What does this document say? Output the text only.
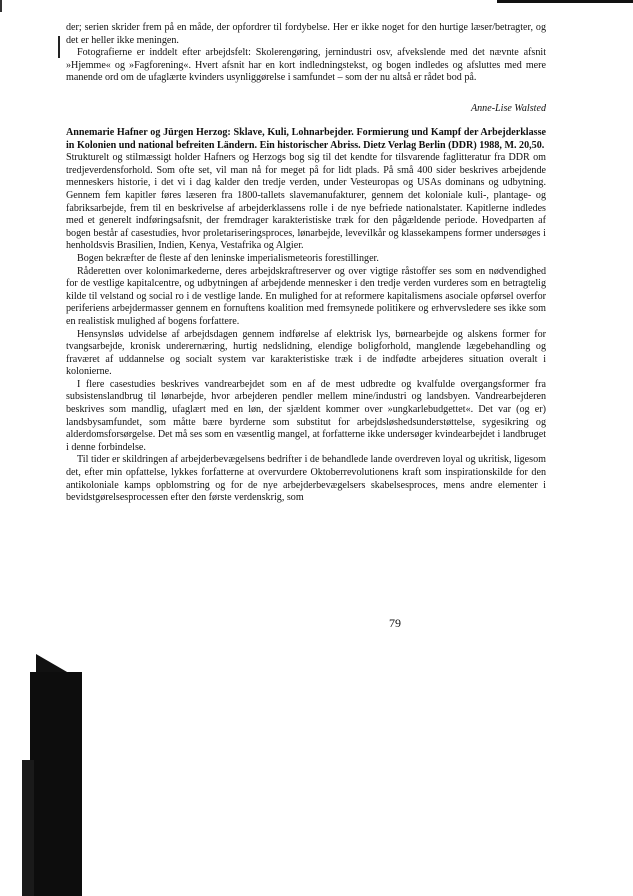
der; serien skrider frem på en måde, der opfordrer til fordybelse. Her er ikke noget for den hurtige læser/betragter, og det er heller ikke meningen.

Fotografierne er inddelt efter arbejdsfelt: Skolerengøring, jernindustri osv, afvekslende med det nævnte afsnit »Hjemme« og »Fagforening«. Hvert afsnit har en kort indledningstekst, og bogen indledes og afsluttes med mere manende ord om de ufaglærte kvinders usynliggørelse i samfundet – som der nu altså er rådet bod på.

Anne-Lise Walsted

Annemarie Hafner og Jürgen Herzog: Sklave, Kuli, Lohnarbejder. Formierung und Kampf der Arbejderklasse in Kolonien und national befreiten Ländern. Ein historischer Abriss. Dietz Verlag Berlin (DDR) 1988, M. 20,50.

Strukturelt og stilmæssigt holder Hafners og Herzogs bog sig til det kendte for tilsvarende faglitteratur fra DDR om tredjeverdensforhold. Som ofte set, vil man nå for meget på for lidt plads. På små 400 sider beskrives arbejdende menneskers historie, i det vi i dag kalder den tredje verden, under Vesteuropas og USAs dominans og udbytning. Gennem fem kapitler føres læseren fra 1800-tallets slavemanufakturer, gennem det koloniale kuli-, plantage- og fabriksarbejde, frem til en beskrivelse af arbejderklassens rolle i de nye befriede nationalstater. Kapitlerne indledes med et generelt indføringsafsnit, der fremdrager karakteristiske træk for den pågældende periode. Hovedparten af bogen består af casestudies, hvor proletariseringsproces, lønarbejde, levevilkår og klassekampens former undersøges i henholdsvis Brasilien, Indien, Kenya, Vestafrika og Algier.

Bogen bekræfter de fleste af den leninske imperialismeteoris forestillinger.

Råderetten over kolonimarkederne, deres arbejdskraftreserver og over vigtige råstoffer ses som en nødvendighed for de vestlige kapitalcentre, og udbytningen af arbejdende mennesker i den tredje verden vurderes som en betragtelig kilde til velstand og social ro i de vestlige lande. En mulighed for at reformere kapitalismens asociale opførsel overfor periferiens arbejdermasser gennem en fornuftens koalition med fremsynede politikere og erhvervsledere ses ikke som en realistisk mulighed af bogens forfattere.

Hensynsløs udvidelse af arbejdsdagen gennem indførelse af elektrisk lys, børnearbejde og alskens former for tvangsarbejde, kronisk underernæring, hurtig nedslidning, elendige boligforhold, manglende lægebehandling og fraværet af uddannelse og socialt system var karakteristiske træk i de indfødte arbejderes situation overalt i kolonierne.

I flere casestudies beskrives vandrearbejdet som en af de mest udbredte og kvalfulde overgangsformer fra subsistenslandbrug til lønarbejde, hvor arbejderen pendler mellem mine/industri og landsbyen. Vandrearbejderen beskrives som mandlig, ufaglært med en løn, der sjældent kommer over »ungkarlebudgettet«. Det var (og er) landsbysamfundet, som måtte bære byrderne som substitut for arbejdsløshedsunderstøttelse, sygesikring og alderdomsforsørgelse. Det må ses som en væsentlig mangel, at forfatterne ikke undersøger kvindearbejdet i landbruget i denne forbindelse.

Til tider er skildringen af arbejderbevægelsens bedrifter i de behandlede lande overdreven loyal og ukritisk, ligesom det, efter min opfattelse, lykkes forfatterne at overvurdere Oktoberrevolutionens kraft som inspirationskilde for den antikoloniale kamps opblomstring og for de nye arbejderbevægelsers skabelsesproces, mens andre elementer i bevidstgørelsesprocessen efter den første verdenskrig, som

79
